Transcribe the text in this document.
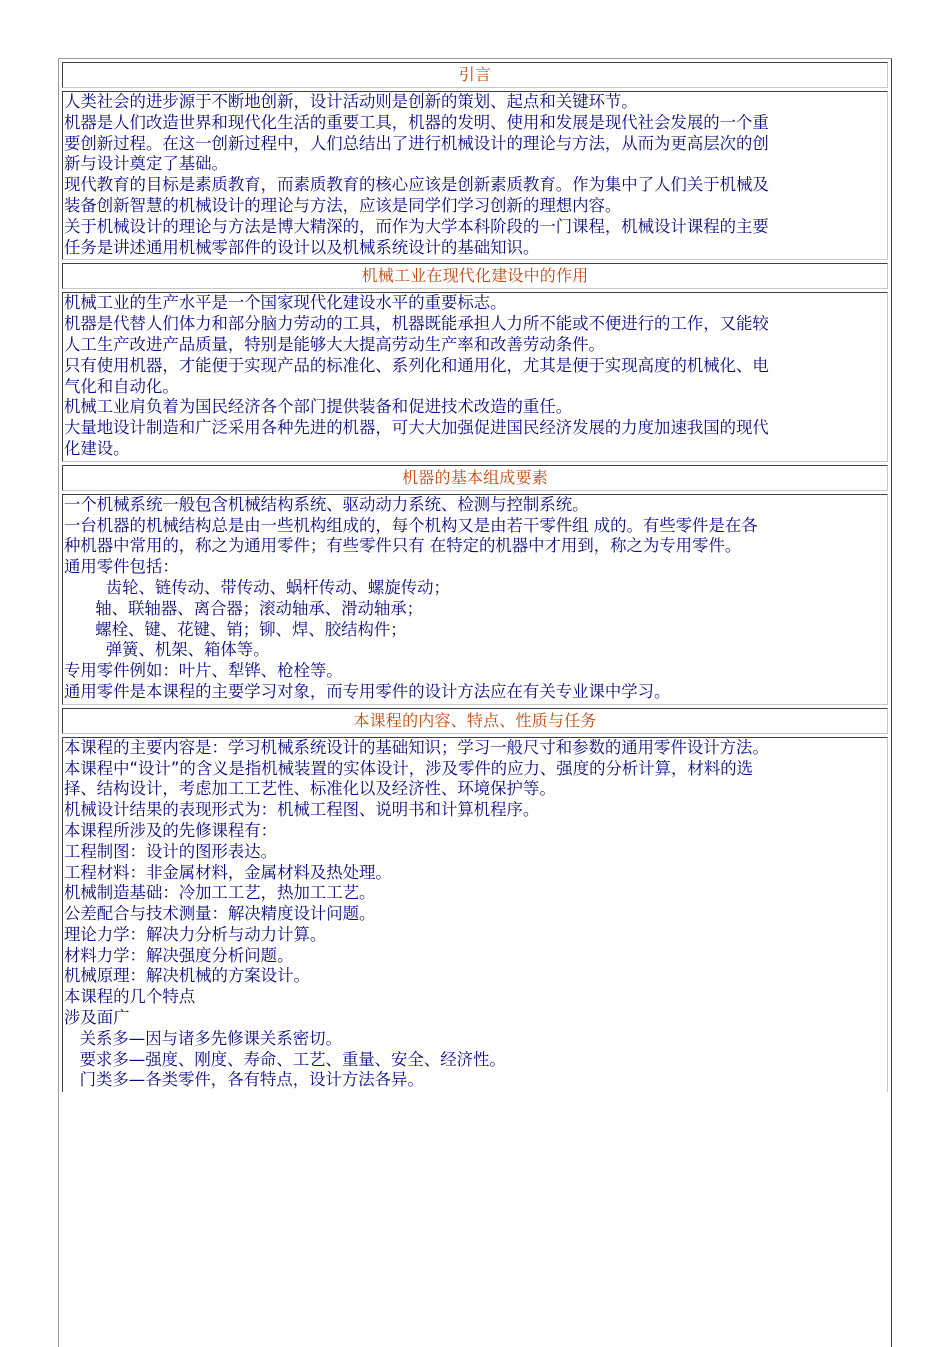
引言
人类社会的进步源于不断地创新，设计活动则是创新的策划、起点和关键环节。
机器是人们改造世界和现代化生活的重要工具，机器的发明、使用和发展是现代社会发展的一个重
要创新过程。在这一创新过程中，人们总结出了进行机械设计的理论与方法，从而为更高层次的创
新与设计奠定了基础。
现代教育的目标是素质教育，而素质教育的核心应该是创新素质教育。作为集中了人们关于机械及
装备创新智慧的机械设计的理论与方法，应该是同学们学习创新的理想内容。
关于机械设计的理论与方法是博大精深的，而作为大学本科阶段的一门课程，机械设计课程的主要
任务是讲述通用机械零部件的设计以及机械系统设计的基础知识。
机械工业在现代化建设中的作用
机械工业的生产水平是一个国家现代化建设水平的重要标志。
机器是代替人们体力和部分脑力劳动的工具，机器既能承担人力所不能或不便进行的工作，又能较
人工生产改进产品质量，特别是能够大大提高劳动生产率和改善劳动条件。
只有使用机器，才能便于实现产品的标准化、系列化和通用化，尤其是便于实现高度的机械化、电
气化和自动化。
机械工业肩负着为国民经济各个部门提供装备和促进技术改造的重任。
大量地设计制造和广泛采用各种先进的机器，可大大加强促进国民经济发展的力度加速我国的现代
化建设。
机器的基本组成要素
一个机械系统一般包含机械结构系统、驱动动力系统、检测与控制系统。
一台机器的机械结构总是由一些机构组成的，每个机构又是由若干零件组 成的。有些零件是在各
种机器中常用的，称之为通用零件；有些零件只有 在特定的机器中才用到，称之为专用零件。
通用零件包括：
齿轮、链传动、带传动、蜗杆传动、螺旋传动；
轴、联轴器、离合器；滚动轴承、滑动轴承；
螺栓、键、花键、销；铆、焊、胶结构件；
弹簧、机架、箱体等。
专用零件例如：叶片、犁铧、枪栓等。
通用零件是本课程的主要学习对象，而专用零件的设计方法应在有关专业课中学习。
本课程的内容、特点、性质与任务
本课程的主要内容是：学习机械系统设计的基础知识；学习一般尺寸和参数的通用零件设计方法。
本课程中“设计”的含义是指机械装置的实体设计，涉及零件的应力、强度的分析计算，材料的选
择、结构设计，考虑加工工艺性、标准化以及经济性、环境保护等。
机械设计结果的表现形式为：机械工程图、说明书和计算机程序。
本课程所涉及的先修课程有：
工程制图：设计的图形表达。
工程材料：非金属材料，金属材料及热处理。
机械制造基础：冷加工工艺，热加工工艺。
公差配合与技术测量：解决精度设计问题。
理论力学：解决力分析与动力计算。
材料力学：解决强度分析问题。
机械原理：解决机械的方案设计。
本课程的几个特点
涉及面广
关系多—因与诸多先修课关系密切。
要求多—强度、刚度、寿命、工艺、重量、安全、经济性。
门类多—各类零件，各有特点，设计方法各异。
